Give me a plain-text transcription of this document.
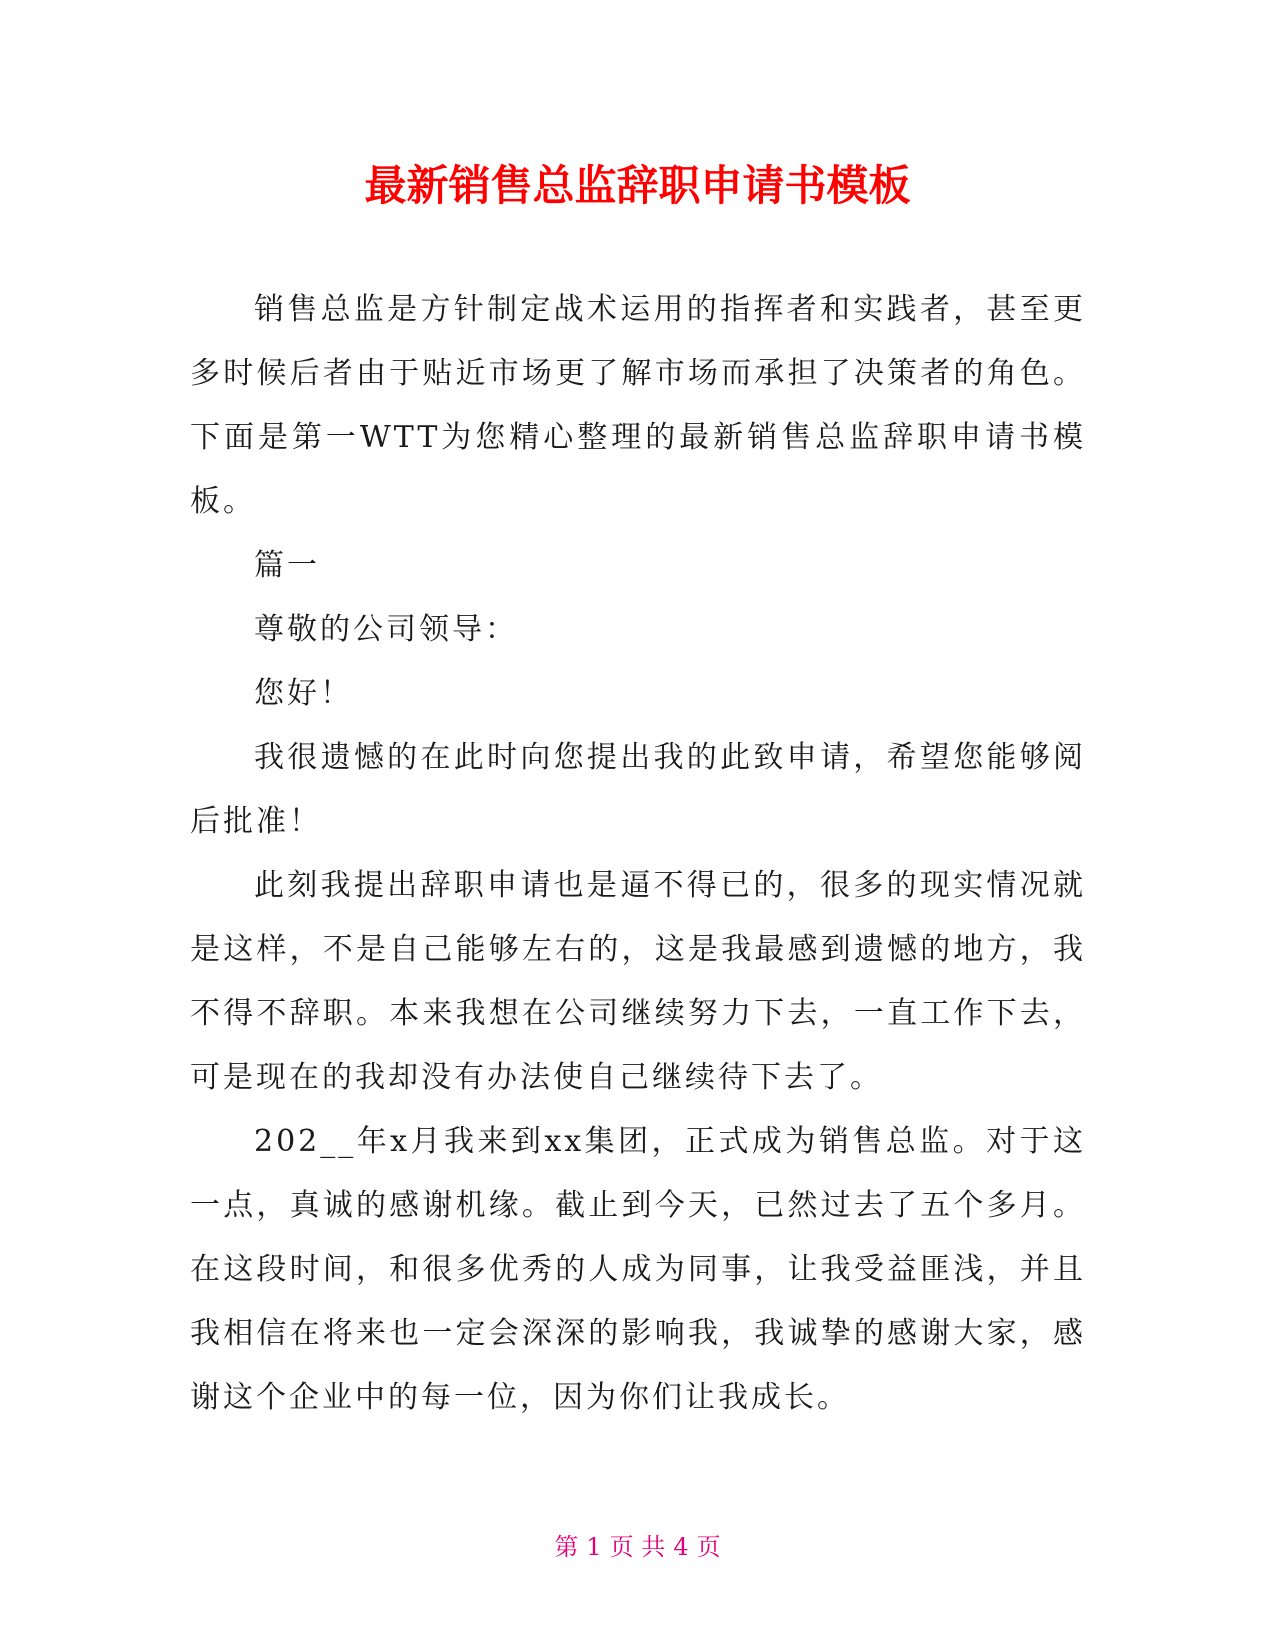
最新销售总监辞职申请书模板

销售总监是方针制定战术运用的指挥者和实践者，甚至更多时候后者由于贴近市场更了解市场而承担了决策者的角色。下面是第一WTT为您精心整理的最新销售总监辞职申请书模板。

篇一

尊敬的公司领导：

您好！

我很遗憾的在此时向您提出我的此致申请，希望您能够阅后批准！

此刻我提出辞职申请也是逼不得已的，很多的现实情况就是这样，不是自己能够左右的，这是我最感到遗憾的地方，我不得不辞职。本来我想在公司继续努力下去，一直工作下去，可是现在的我却没有办法使自己继续待下去了。

202__年x月我来到xx集团，正式成为销售总监。对于这一点，真诚的感谢机缘。截止到今天，已然过去了五个多月。在这段时间，和很多优秀的人成为同事，让我受益匪浅，并且我相信在将来也一定会深深的影响我，我诚挚的感谢大家，感谢这个企业中的每一位，因为你们让我成长。

第 1 页 共 4 页
